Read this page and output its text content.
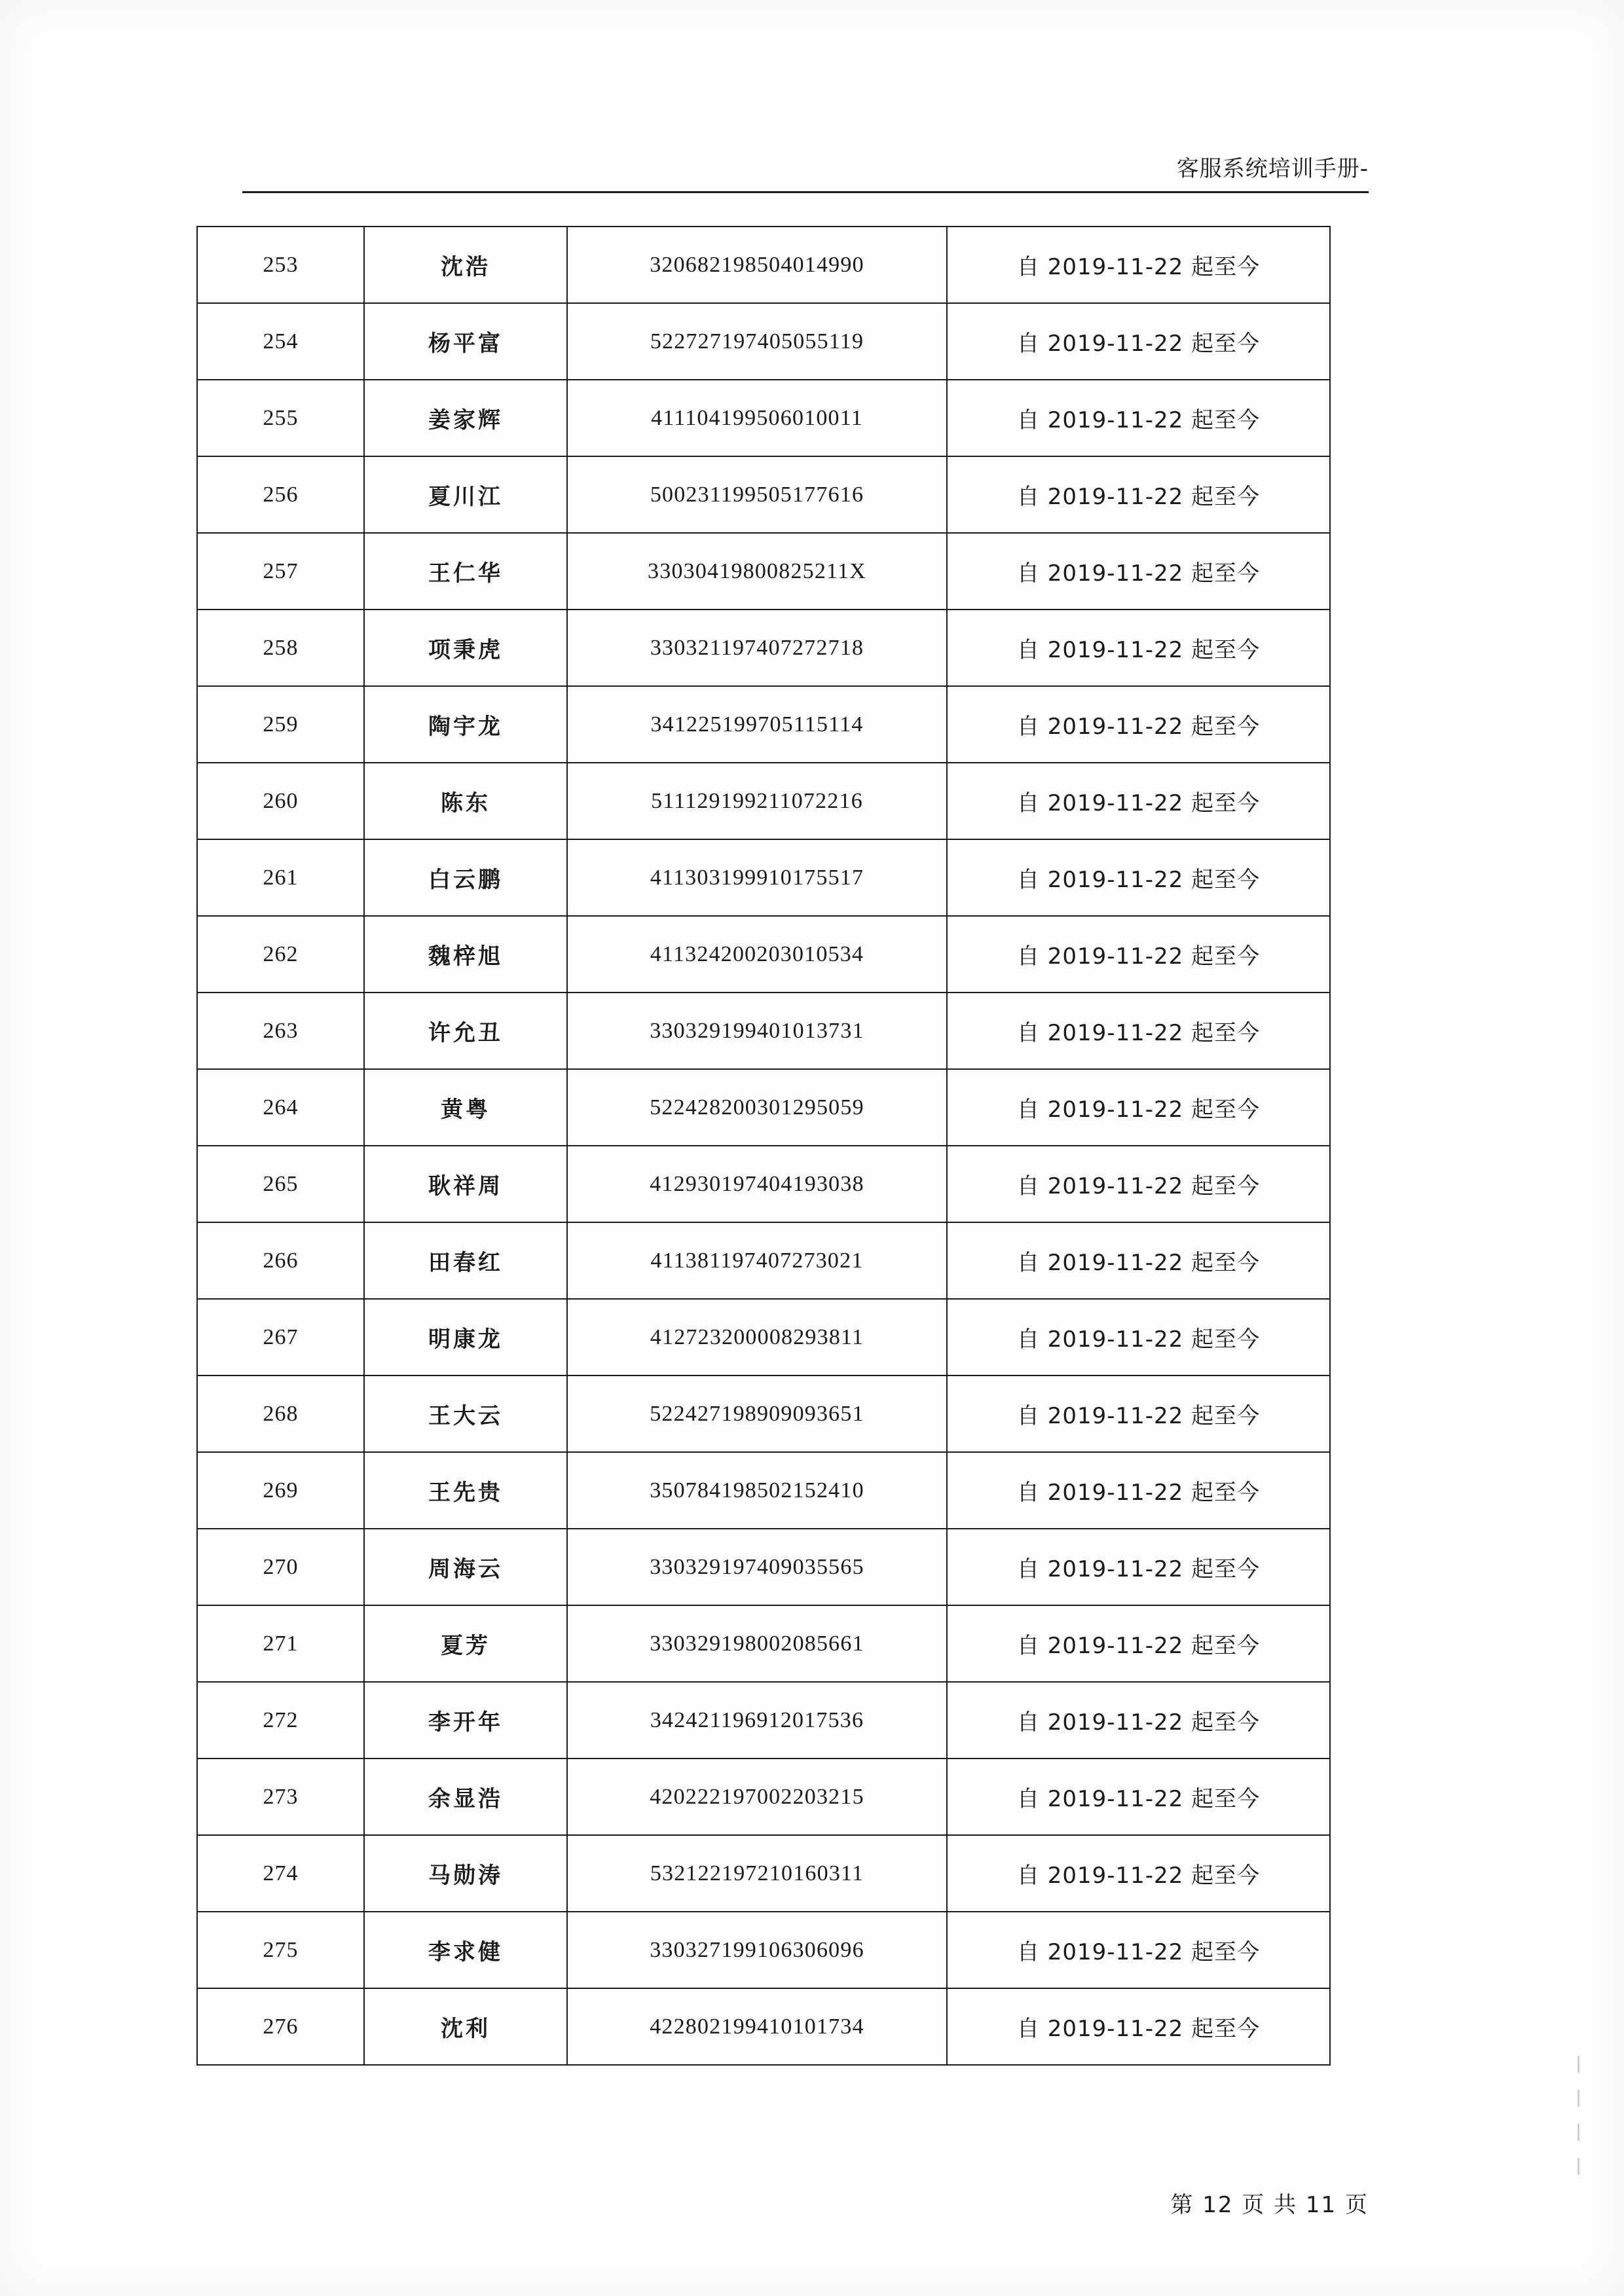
客服系统培训手册-
253	沈浩	320682198504014990	自 2019-11-22 起至今
254	杨平富	522727197405055119	自 2019-11-22 起至今
255	姜家辉	411104199506010011	自 2019-11-22 起至今
256	夏川江	500231199505177616	自 2019-11-22 起至今
257	王仁华	33030419800825211X	自 2019-11-22 起至今
258	项秉虎	330321197407272718	自 2019-11-22 起至今
259	陶宇龙	341225199705115114	自 2019-11-22 起至今
260	陈东	511129199211072216	自 2019-11-22 起至今
261	白云鹏	411303199910175517	自 2019-11-22 起至今
262	魏梓旭	411324200203010534	自 2019-11-22 起至今
263	许允丑	330329199401013731	自 2019-11-22 起至今
264	黄粤	522428200301295059	自 2019-11-22 起至今
265	耿祥周	412930197404193038	自 2019-11-22 起至今
266	田春红	411381197407273021	自 2019-11-22 起至今
267	明康龙	412723200008293811	自 2019-11-22 起至今
268	王大云	522427198909093651	自 2019-11-22 起至今
269	王先贵	350784198502152410	自 2019-11-22 起至今
270	周海云	330329197409035565	自 2019-11-22 起至今
271	夏芳	330329198002085661	自 2019-11-22 起至今
272	李开年	342421196912017536	自 2019-11-22 起至今
273	余显浩	420222197002203215	自 2019-11-22 起至今
274	马勋涛	532122197210160311	自 2019-11-22 起至今
275	李求健	330327199106306096	自 2019-11-22 起至今
276	沈利	422802199410101734	自 2019-11-22 起至今
第 12 页 共 11 页
